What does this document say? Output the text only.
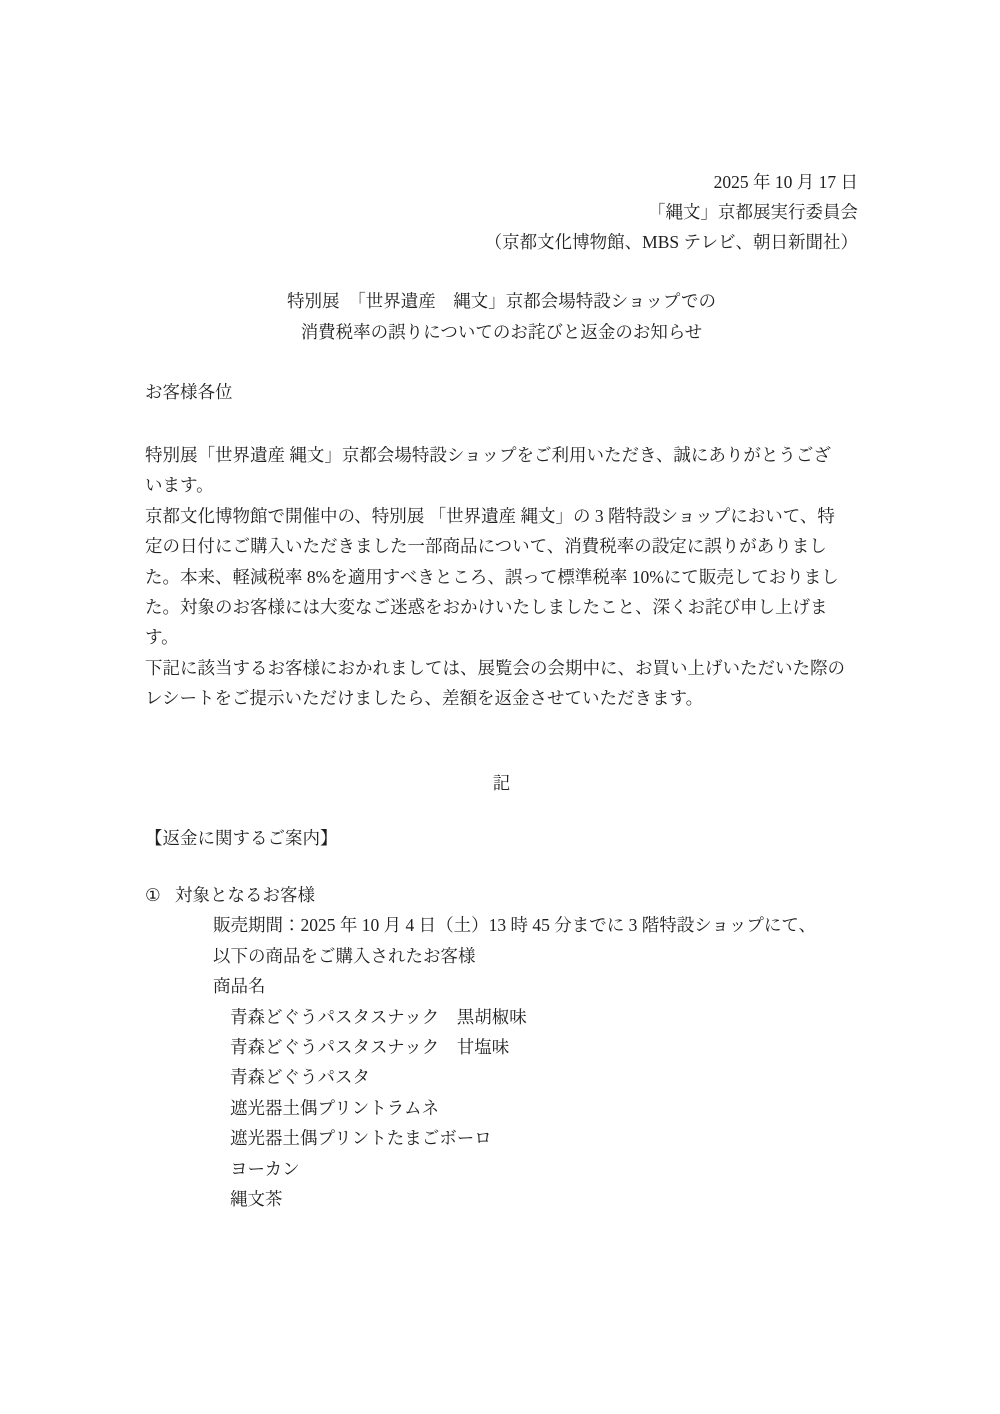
2025 年 10 月 17 日
「縄文」京都展実行委員会
（京都文化博物館、MBS テレビ、朝日新聞社）
特別展　「世界遺産　縄文」京都会場特設ショップでの
消費税率の誤りについてのお詫びと返金のお知らせ
お客様各位
特別展「世界遺産 縄文」京都会場特設ショップをご利用いただき、誠にありがとうござ
います。
京都文化博物館で開催中の、特別展 「世界遺産 縄文」の 3 階特設ショップにおいて、特
定の日付にご購入いただきました一部商品について、消費税率の設定に誤りがありまし
た。本来、軽減税率 8%を適用すべきところ、誤って標準税率 10%にて販売しておりまし
た。対象のお客様には大変なご迷惑をおかけいたしましたこと、深くお詫び申し上げま
す。
下記に該当するお客様におかれましては、展覧会の会期中に、お買い上げいただいた際の
レシートをご提示いただけましたら、差額を返金させていただきます。
記
【返金に関するご案内】
① 対象となるお客様
販売期間：2025 年 10 月 4 日（土）13 時 45 分までに 3 階特設ショップにて、
以下の商品をご購入されたお客様
商品名
青森どぐうパスタスナック　黒胡椒味
青森どぐうパスタスナック　甘塩味
青森どぐうパスタ
遮光器土偶プリントラムネ
遮光器土偶プリントたまごボーロ
ヨーカン
縄文茶
